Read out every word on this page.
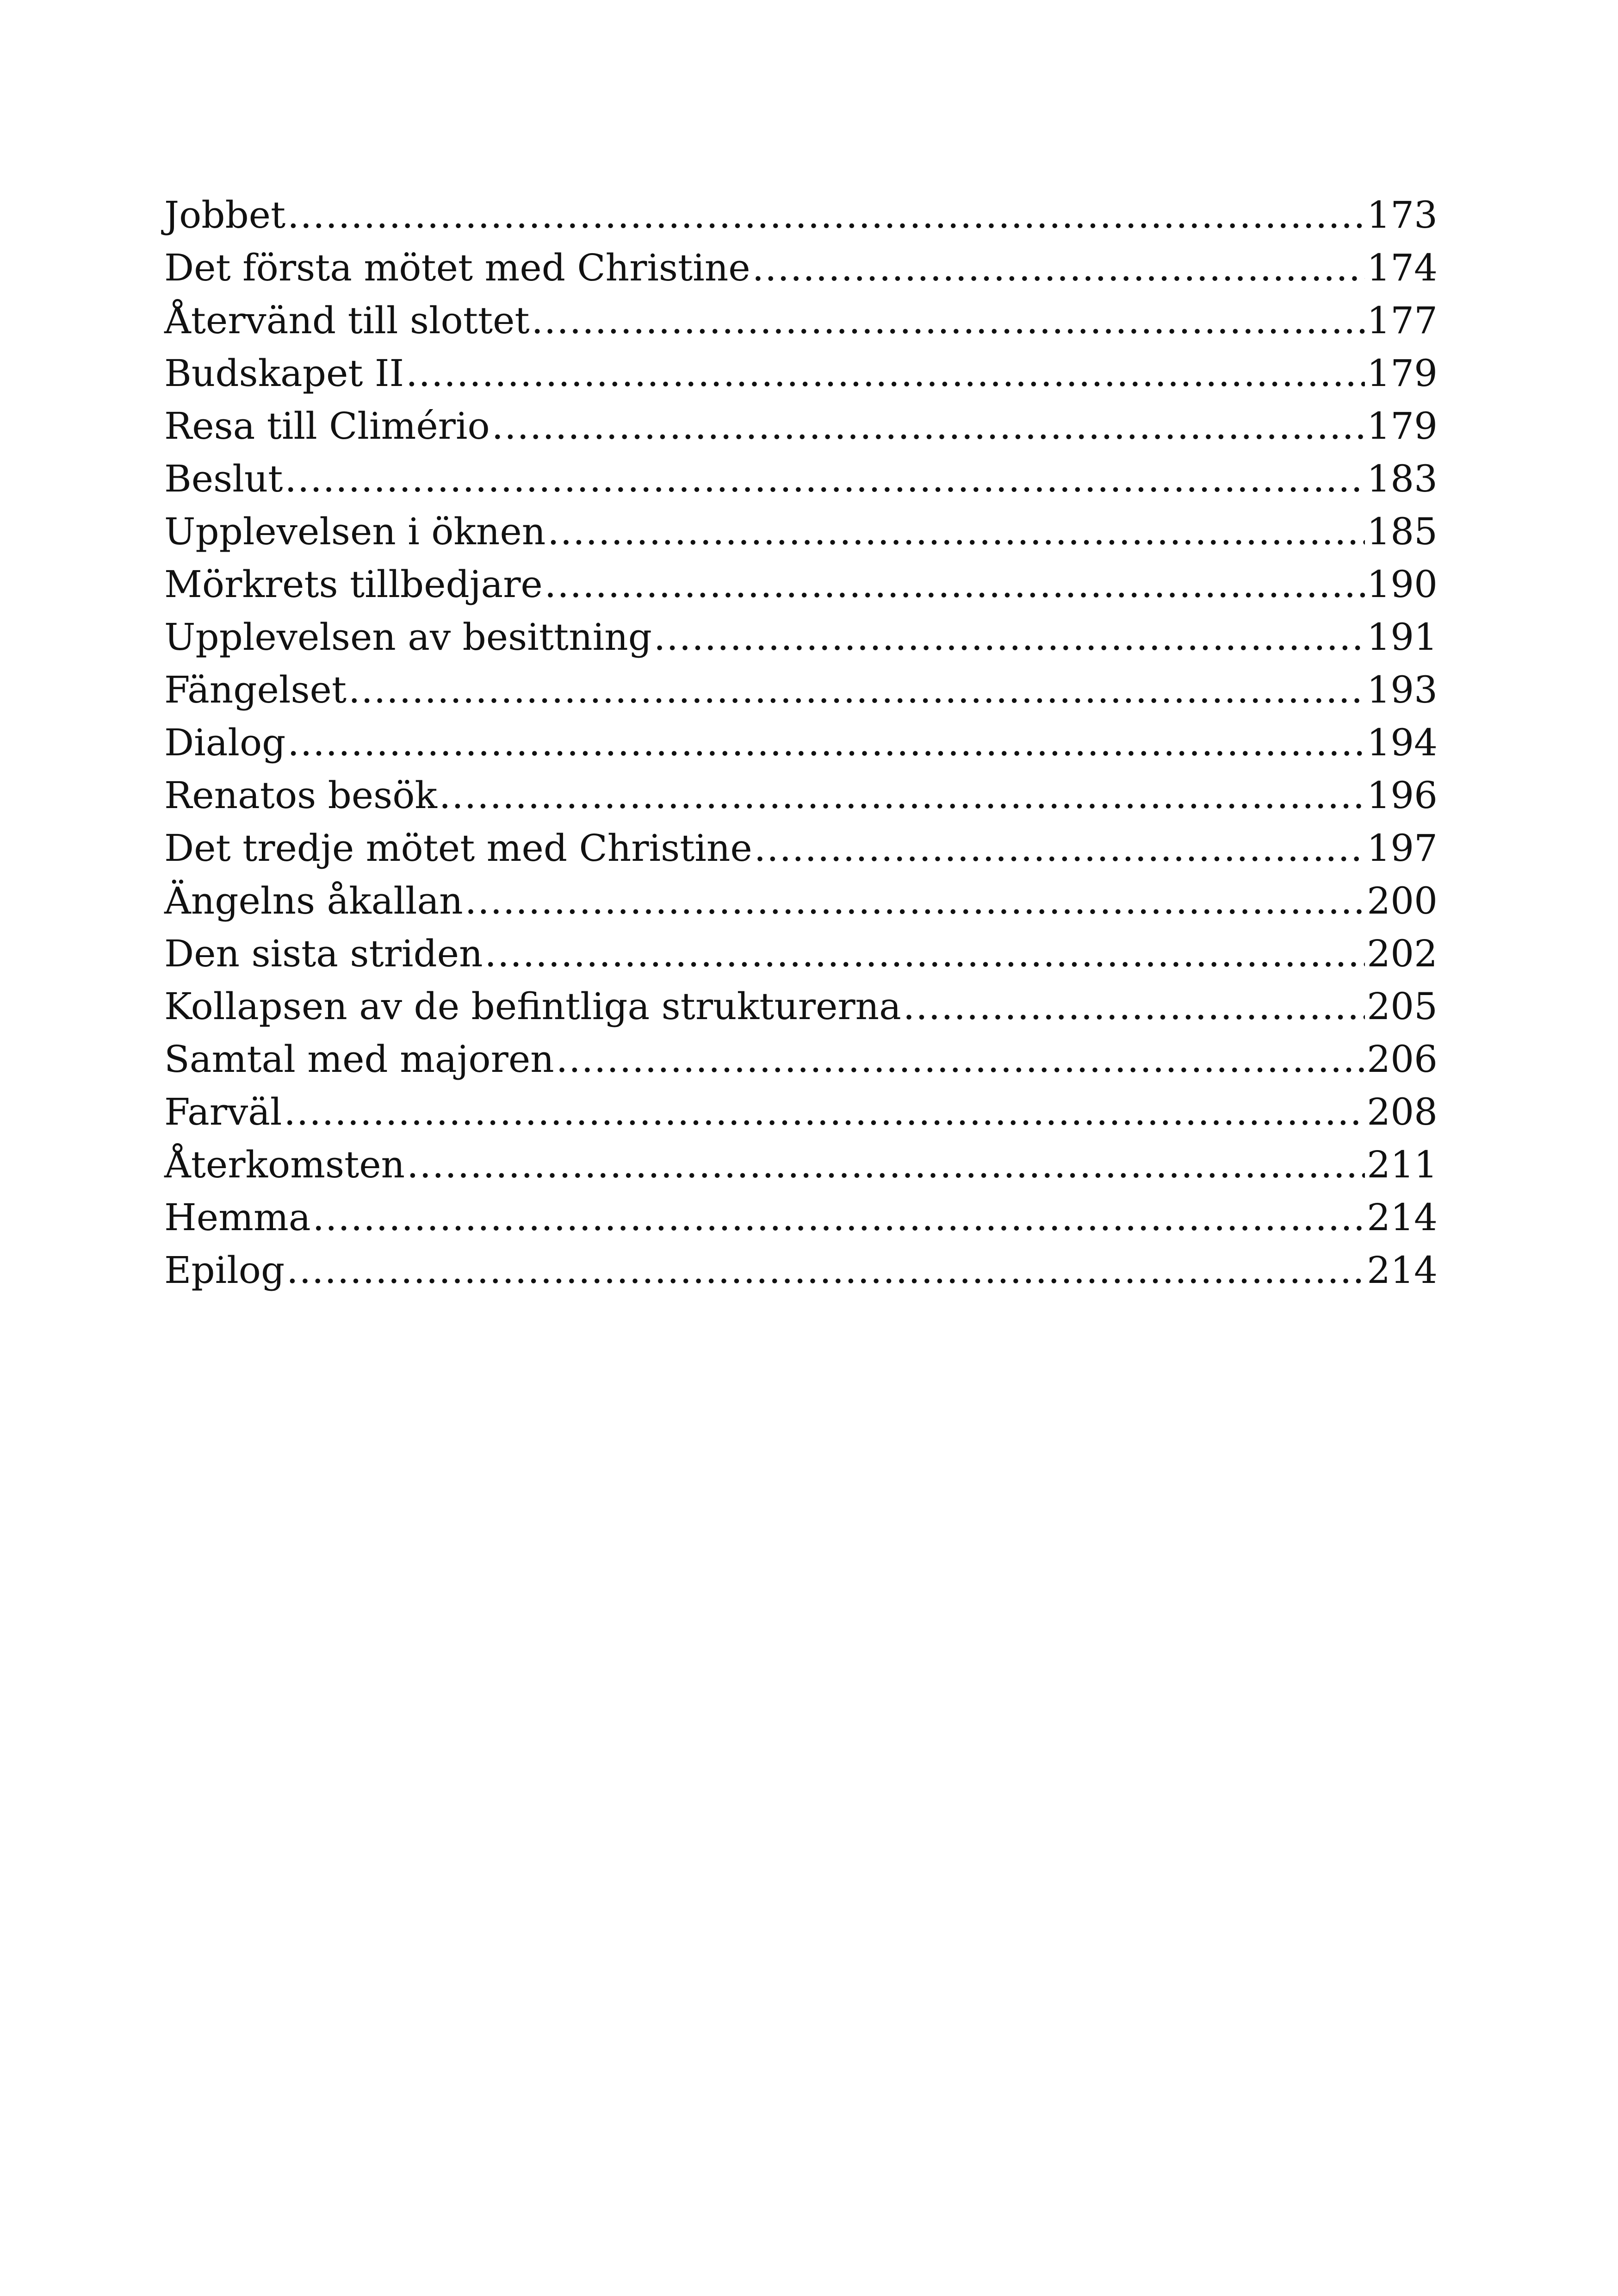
Jobbet .....	173
Det första mötet med Christine .....	174
Återvänd till slottet .....	177
Budskapet II .....	179
Resa till Climério .....	179
Beslut .....	183
Upplevelsen i öknen .....	185
Mörkrets tillbedjare .....	190
Upplevelsen av besittning .....	191
Fängelset .....	193
Dialog .....	194
Renatos besök .....	196
Det tredje mötet med Christine .....	197
Ängelns åkallan .....	200
Den sista striden .....	202
Kollapsen av de befintliga strukturerna .....	205
Samtal med majoren .....	206
Farväl .....	208
Återkomsten .....	211
Hemma .....	214
Epilog .....	214
